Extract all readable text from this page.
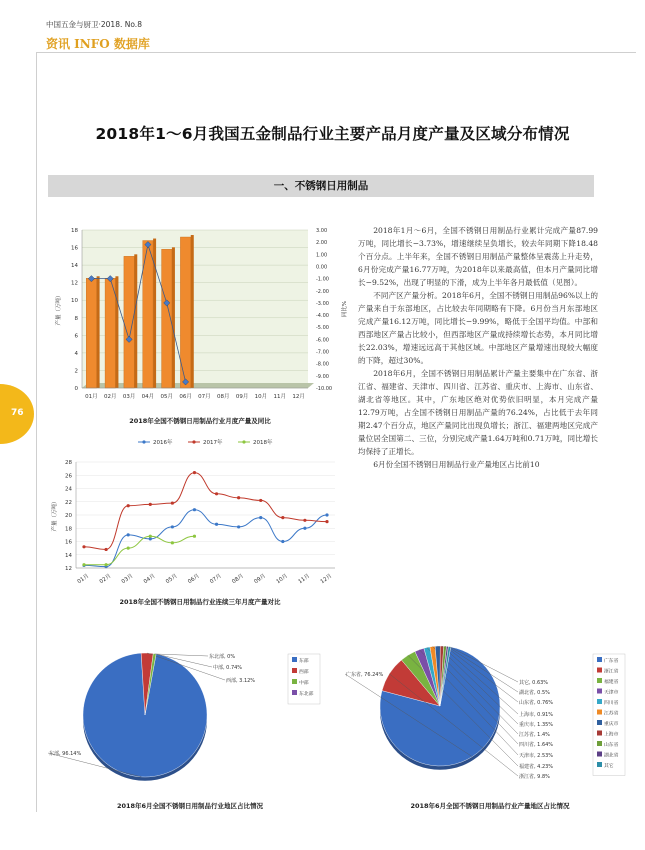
中国五金与厨卫·2018. No.8
资讯 INFO 数据库
76
2018年1～6月我国五金制品行业主要产品月度产量及区域分布情况
一、不锈钢日用制品

2018年1月～6月，全国不锈钢日用制品行业累计完成产量87.99万吨，同比增长−3.73%，增速继续呈负增长，较去年同期下降18.48个百分点。上半年来，全国不锈钢日用制品产量整体呈震荡上升走势，6月份完成产量16.77万吨，为2018年以来最高值，但本月产量同比增长−9.52%，出现了明显的下滑，成为上半年各月最低值（见图）。

不同产区产量分析。2018年6月，全国不锈钢日用制品96%以上的产量来自于东部地区，占比较去年同期略有下降。6月份当月东部地区完成产量16.12万吨，同比增长−9.99%，略低于全国平均值。中部和西部地区产量占比较小，但西部地区产量成持续增长态势，本月同比增长22.03%，增速远远高于其他区域。中部地区产量增速出现较大幅度的下降，超过30%。

2018年6月，全国不锈钢日用制品累计产量主要集中在广东省、浙江省、福建省、天津市、四川省、江苏省、重庆市、上海市、山东省、湖北省等地区。其中，广东地区绝对优势依旧明显，本月完成产量12.79万吨，占全国不锈钢日用制品产量的76.24%，占比低于去年同期2.47个百分点，地区产量同比出现负增长；浙江、福建两地区完成产量位居全国第二、三位，分别完成产量1.64万吨和0.71万吨，同比增长均保持了正增长。

6月份全国不锈钢日用制品行业产量地区占比前10

0
2
4
6
8
10
12
14
16
18	3.00
2.00
1.00
0.00
-1.00
-2.00
-3.00
-4.00
-5.00
-6.00
-7.00
-8.00
-9.00
-10.00
产量（万吨）	同比%
01月 02月 03月 04月 05月 06月 07月 08月 09月 10月 11月 12月
2016年	2017年	2018年
12
14
16
18
20
22
24
26
28
产量（万吨）
01月 02月 03月 04月 05月 06月 07月 08月 09月 10月 11月 12月
东部, 96.14%
西部, 3.12%
中部, 0.74%
东北部, 0%
东部
西部
中部
东北部
广东省, 76.24%
浙江省, 9.8%
福建省, 4.23%
天津市, 2.53%
四川省, 1.64%
江苏省, 1.4%
重庆市, 1.35%
上海市, 0.91%
山东省, 0.76%
湖北省, 0.5%
其它, 0.63%
广东省
浙江省
福建省
天津市
四川省
江苏省
重庆市
上海市
山东省
湖北省
其它
2018年全国不锈钢日用制品行业月度产量及同比
2018年全国不锈钢日用制品行业连续三年月度产量对比
2018年6月全国不锈钢日用制品行业地区占比情况	2018年6月全国不锈钢日用制品行业产量地区占比情况
